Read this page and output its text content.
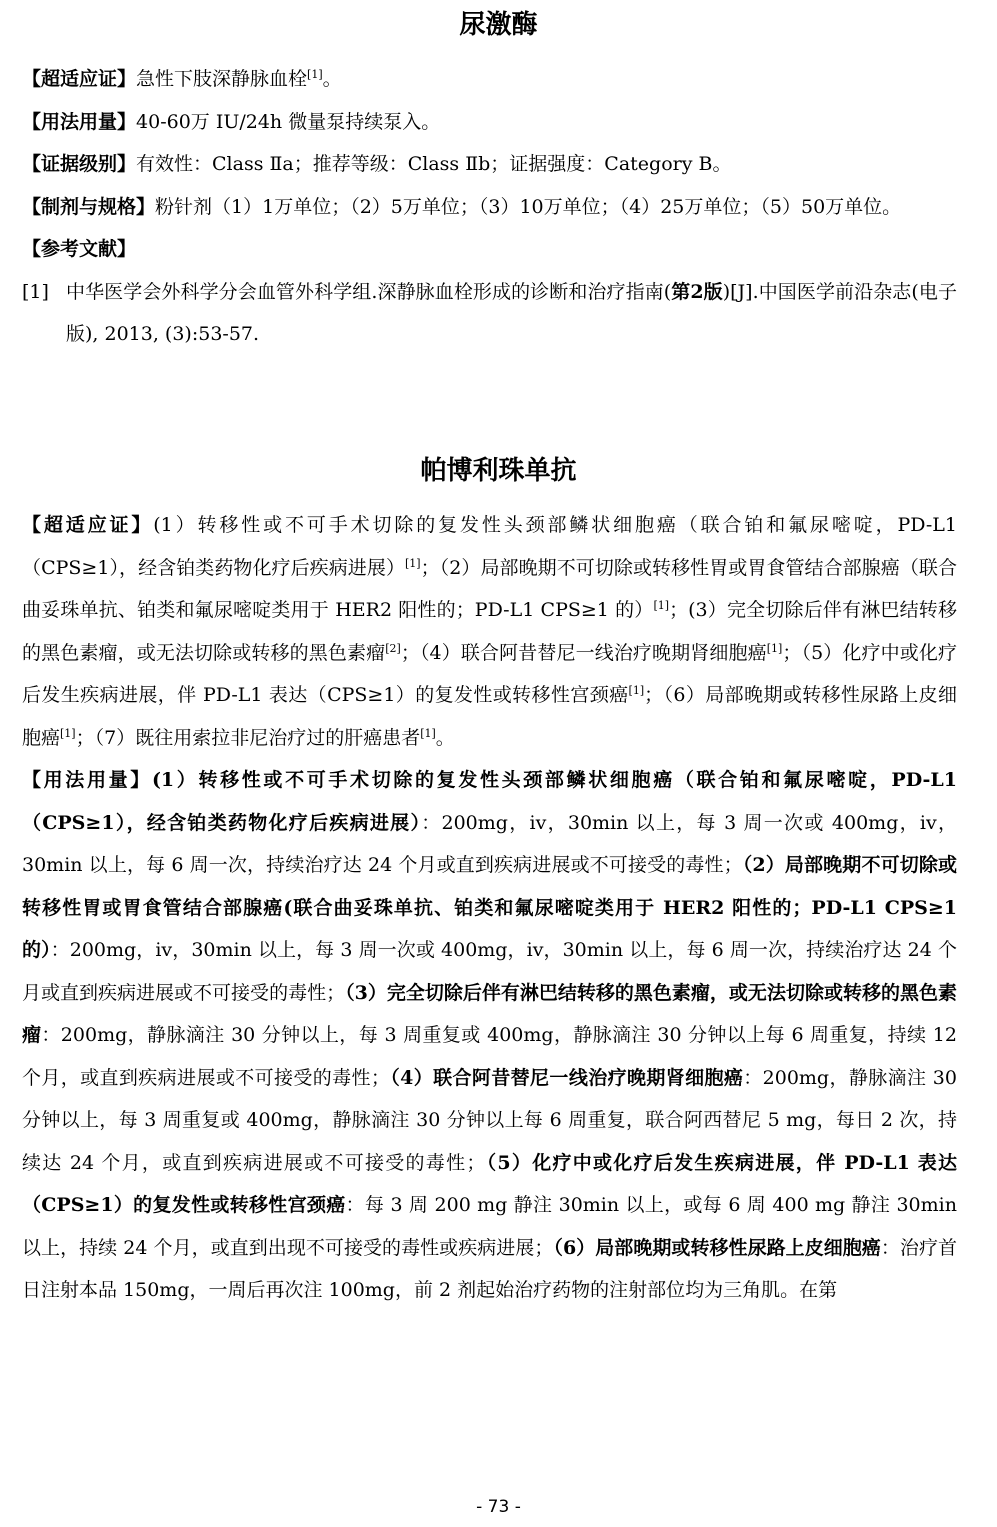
尿激酶

【超适应证】急性下肢深静脉血栓[1]。

【用法用量】40-60万 IU/24h 微量泵持续泵入。

【证据级别】有效性：Class Ⅱa；推荐等级：Class Ⅱb；证据强度：Category B。

【制剂与规格】粉针剂（1）1万单位；（2）5万单位；（3）10万单位；（4）25万单位；（5）50万单位。

【参考文献】

[1] 中华医学会外科学分会血管外科学组.深静脉血栓形成的诊断和治疗指南(第2版)[J].中国医学前沿杂志(电子版), 2013, (3):53-57.
帕博利珠单抗

【超适应证】(1）转移性或不可手术切除的复发性头颈部鳞状细胞癌（联合铂和氟尿嘧啶，PD-L1（CPS≥1），经含铂类药物化疗后疾病进展）[1]；（2）局部晚期不可切除或转移性胃或胃食管结合部腺癌（联合曲妥珠单抗、铂类和氟尿嘧啶类用于 HER2 阳性的；PD-L1 CPS≥1 的）[1]；(3）完全切除后伴有淋巴结转移的黑色素瘤，或无法切除或转移的黑色素瘤[2]；（4）联合阿昔替尼一线治疗晚期肾细胞癌[1]；（5）化疗中或化疗后发生疾病进展，伴 PD-L1 表达（CPS≥1）的复发性或转移性宫颈癌[1]；（6）局部晚期或转移性尿路上皮细胞癌[1]；（7）既往用索拉非尼治疗过的肝癌患者[1]。

【用法用量】(1）转移性或不可手术切除的复发性头颈部鳞状细胞癌（联合铂和氟尿嘧啶，PD-L1（CPS≥1），经含铂类药物化疗后疾病进展）：200mg，iv，30min 以上，每 3 周一次或 400mg，iv，30min 以上，每 6 周一次，持续治疗达 24 个月或直到疾病进展或不可接受的毒性；（2）局部晚期不可切除或转移性胃或胃食管结合部腺癌(联合曲妥珠单抗、铂类和氟尿嘧啶类用于 HER2 阳性的；PD-L1 CPS≥1 的）：200mg，iv，30min 以上，每 3 周一次或 400mg，iv，30min 以上，每 6 周一次，持续治疗达 24 个月或直到疾病进展或不可接受的毒性；（3）完全切除后伴有淋巴结转移的黑色素瘤，或无法切除或转移的黑色素瘤：200mg，静脉滴注 30 分钟以上，每 3 周重复或 400mg，静脉滴注 30 分钟以上每 6 周重复，持续 12 个月，或直到疾病进展或不可接受的毒性；（4）联合阿昔替尼一线治疗晚期肾细胞癌：200mg，静脉滴注 30 分钟以上，每 3 周重复或 400mg，静脉滴注 30 分钟以上每 6 周重复，联合阿西替尼 5 mg，每日 2 次，持续达 24 个月，或直到疾病进展或不可接受的毒性；（5）化疗中或化疗后发生疾病进展，伴 PD-L1 表达（CPS≥1）的复发性或转移性宫颈癌：每 3 周 200 mg 静注 30min 以上，或每 6 周 400 mg 静注 30min 以上，持续 24 个月，或直到出现不可接受的毒性或疾病进展；（6）局部晚期或转移性尿路上皮细胞癌：治疗首日注射本品 150mg，一周后再次注 100mg，前 2 剂起始治疗药物的注射部位均为三角肌。在第

- 73 -
